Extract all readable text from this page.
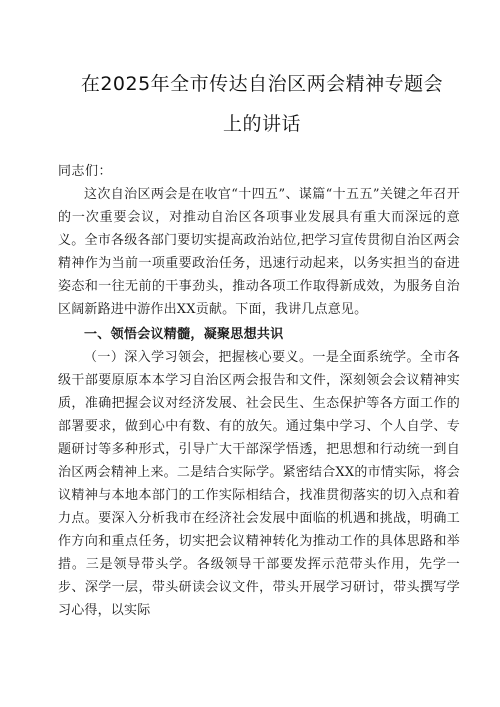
在2025年全市传达自治区两会精神专题会
上的讲话

同志们：

这次自治区两会是在收官“十四五”、谋篇“十五五”关键之年召开的一次重要会议，对推动自治区各项事业发展具有重大而深远的意义。全市各级各部门要切实提高政治站位,把学习宣传贯彻自治区两会精神作为当前一项重要政治任务，迅速行动起来，以务实担当的奋进姿态和一往无前的干事劲头，推动各项工作取得新成效，为服务自治区阔新路进中游作出XX贡献。下面，我讲几点意见。

一、领悟会议精髓，凝聚思想共识

（一）深入学习领会，把握核心要义。一是全面系统学。全市各级干部要原原本本学习自治区两会报告和文件，深刻领会会议精神实质，准确把握会议对经济发展、社会民生、生态保护等各方面工作的部署要求，做到心中有数、有的放矢。通过集中学习、个人自学、专题研讨等多种形式，引导广大干部深学悟透，把思想和行动统一到自治区两会精神上来。二是结合实际学。紧密结合XX的市情实际，将会议精神与本地本部门的工作实际相结合，找准贯彻落实的切入点和着力点。要深入分析我市在经济社会发展中面临的机遇和挑战，明确工作方向和重点任务，切实把会议精神转化为推动工作的具体思路和举措。三是领导带头学。各级领导干部要发挥示范带头作用，先学一步、深学一层，带头研读会议文件，带头开展学习研讨，带头撰写学习心得，以实际
